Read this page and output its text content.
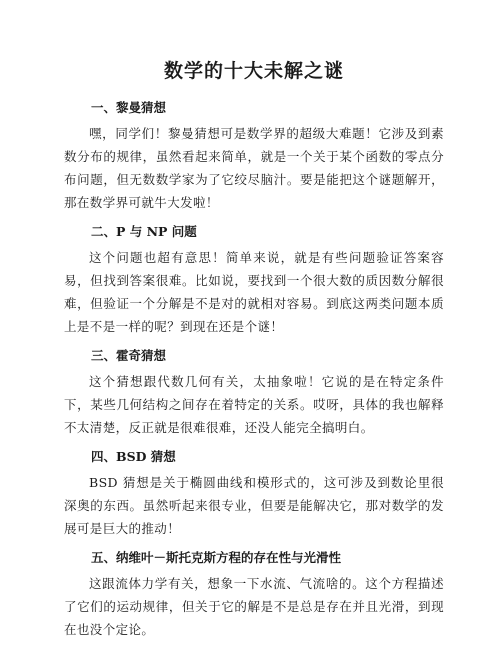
数学的十大未解之谜
一、黎曼猜想

嘿，同学们！黎曼猜想可是数学界的超级大难题！它涉及到素数分布的规律，虽然看起来简单，就是一个关于某个函数的零点分布问题，但无数数学家为了它绞尽脑汁。要是能把这个谜题解开，那在数学界可就牛大发啦！

二、P 与 NP 问题

这个问题也超有意思！简单来说，就是有些问题验证答案容易，但找到答案很难。比如说，要找到一个很大数的质因数分解很难，但验证一个分解是不是对的就相对容易。到底这两类问题本质上是不是一样的呢？到现在还是个谜！

三、霍奇猜想

这个猜想跟代数几何有关，太抽象啦！它说的是在特定条件下，某些几何结构之间存在着特定的关系。哎呀，具体的我也解释不太清楚，反正就是很难很难，还没人能完全搞明白。

四、BSD 猜想

BSD 猜想是关于椭圆曲线和模形式的，这可涉及到数论里很深奥的东西。虽然听起来很专业，但要是能解决它，那对数学的发展可是巨大的推动！

五、纳维叶－斯托克斯方程的存在性与光滑性

这跟流体力学有关，想象一下水流、气流啥的。这个方程描述了它们的运动规律，但关于它的解是不是总是存在并且光滑，到现在也没个定论。
